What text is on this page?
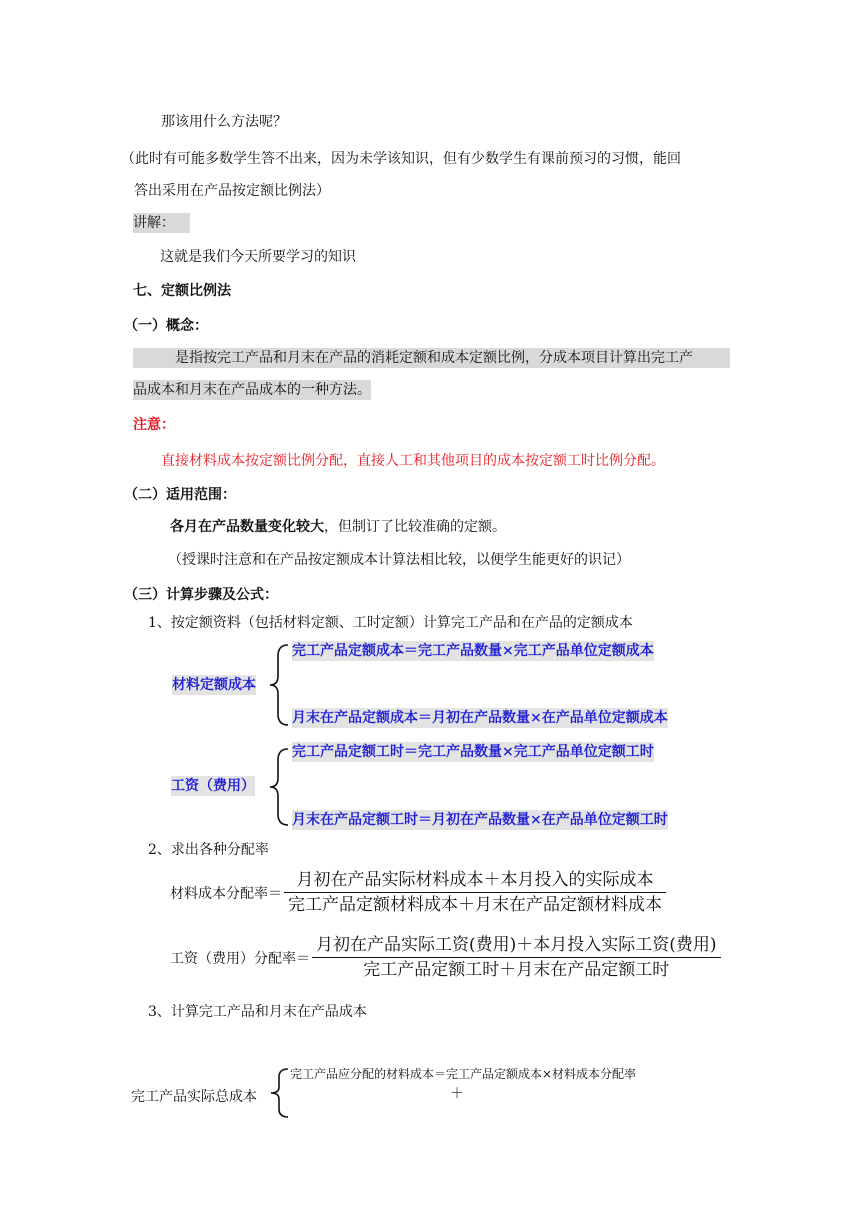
那该用什么方法呢？
（此时有可能多数学生答不出来，因为未学该知识，但有少数学生有课前预习的习惯，能回
答出采用在产品按定额比例法）
讲解：
这就是我们今天所要学习的知识
七、定额比例法
（一）概念：
是指按完工产品和月末在产品的消耗定额和成本定额比例，分成本项目计算出完工产
品成本和月末在产品成本的一种方法。
注意：
直接材料成本按定额比例分配，直接人工和其他项目的成本按定额工时比例分配。
（二）适用范围：
各月在产品数量变化较大，但制订了比较准确的定额。
（授课时注意和在产品按定额成本计算法相比较，以便学生能更好的识记）
（三）计算步骤及公式：
1、按定额资料（包括材料定额、工时定额）计算完工产品和在产品的定额成本
完工产品定额成本＝完工产品数量×完工产品单位定额成本
材料定额成本
月末在产品定额成本＝月初在产品数量×在产品单位定额成本
完工产品定额工时＝完工产品数量×完工产品单位定额工时
工资（费用）
月末在产品定额工时＝月初在产品数量×在产品单位定额工时
2、求出各种分配率
材料成本分配率＝ $\frac{\text{月初在产品实际材料成本＋本月投入的实际成本}}{\text{完工产品定额材料成本＋月末在产品定额材料成本}}$
工资（费用）分配率＝ $\frac{\text{月初在产品实际工资(费用)＋本月投入实际工资(费用)}}{\text{完工产品定额工时＋月末在产品定额工时}}$
3、计算完工产品和月末在产品成本
完工产品应分配的材料成本＝完工产品定额成本×材料成本分配率
完工产品实际总成本	＋
